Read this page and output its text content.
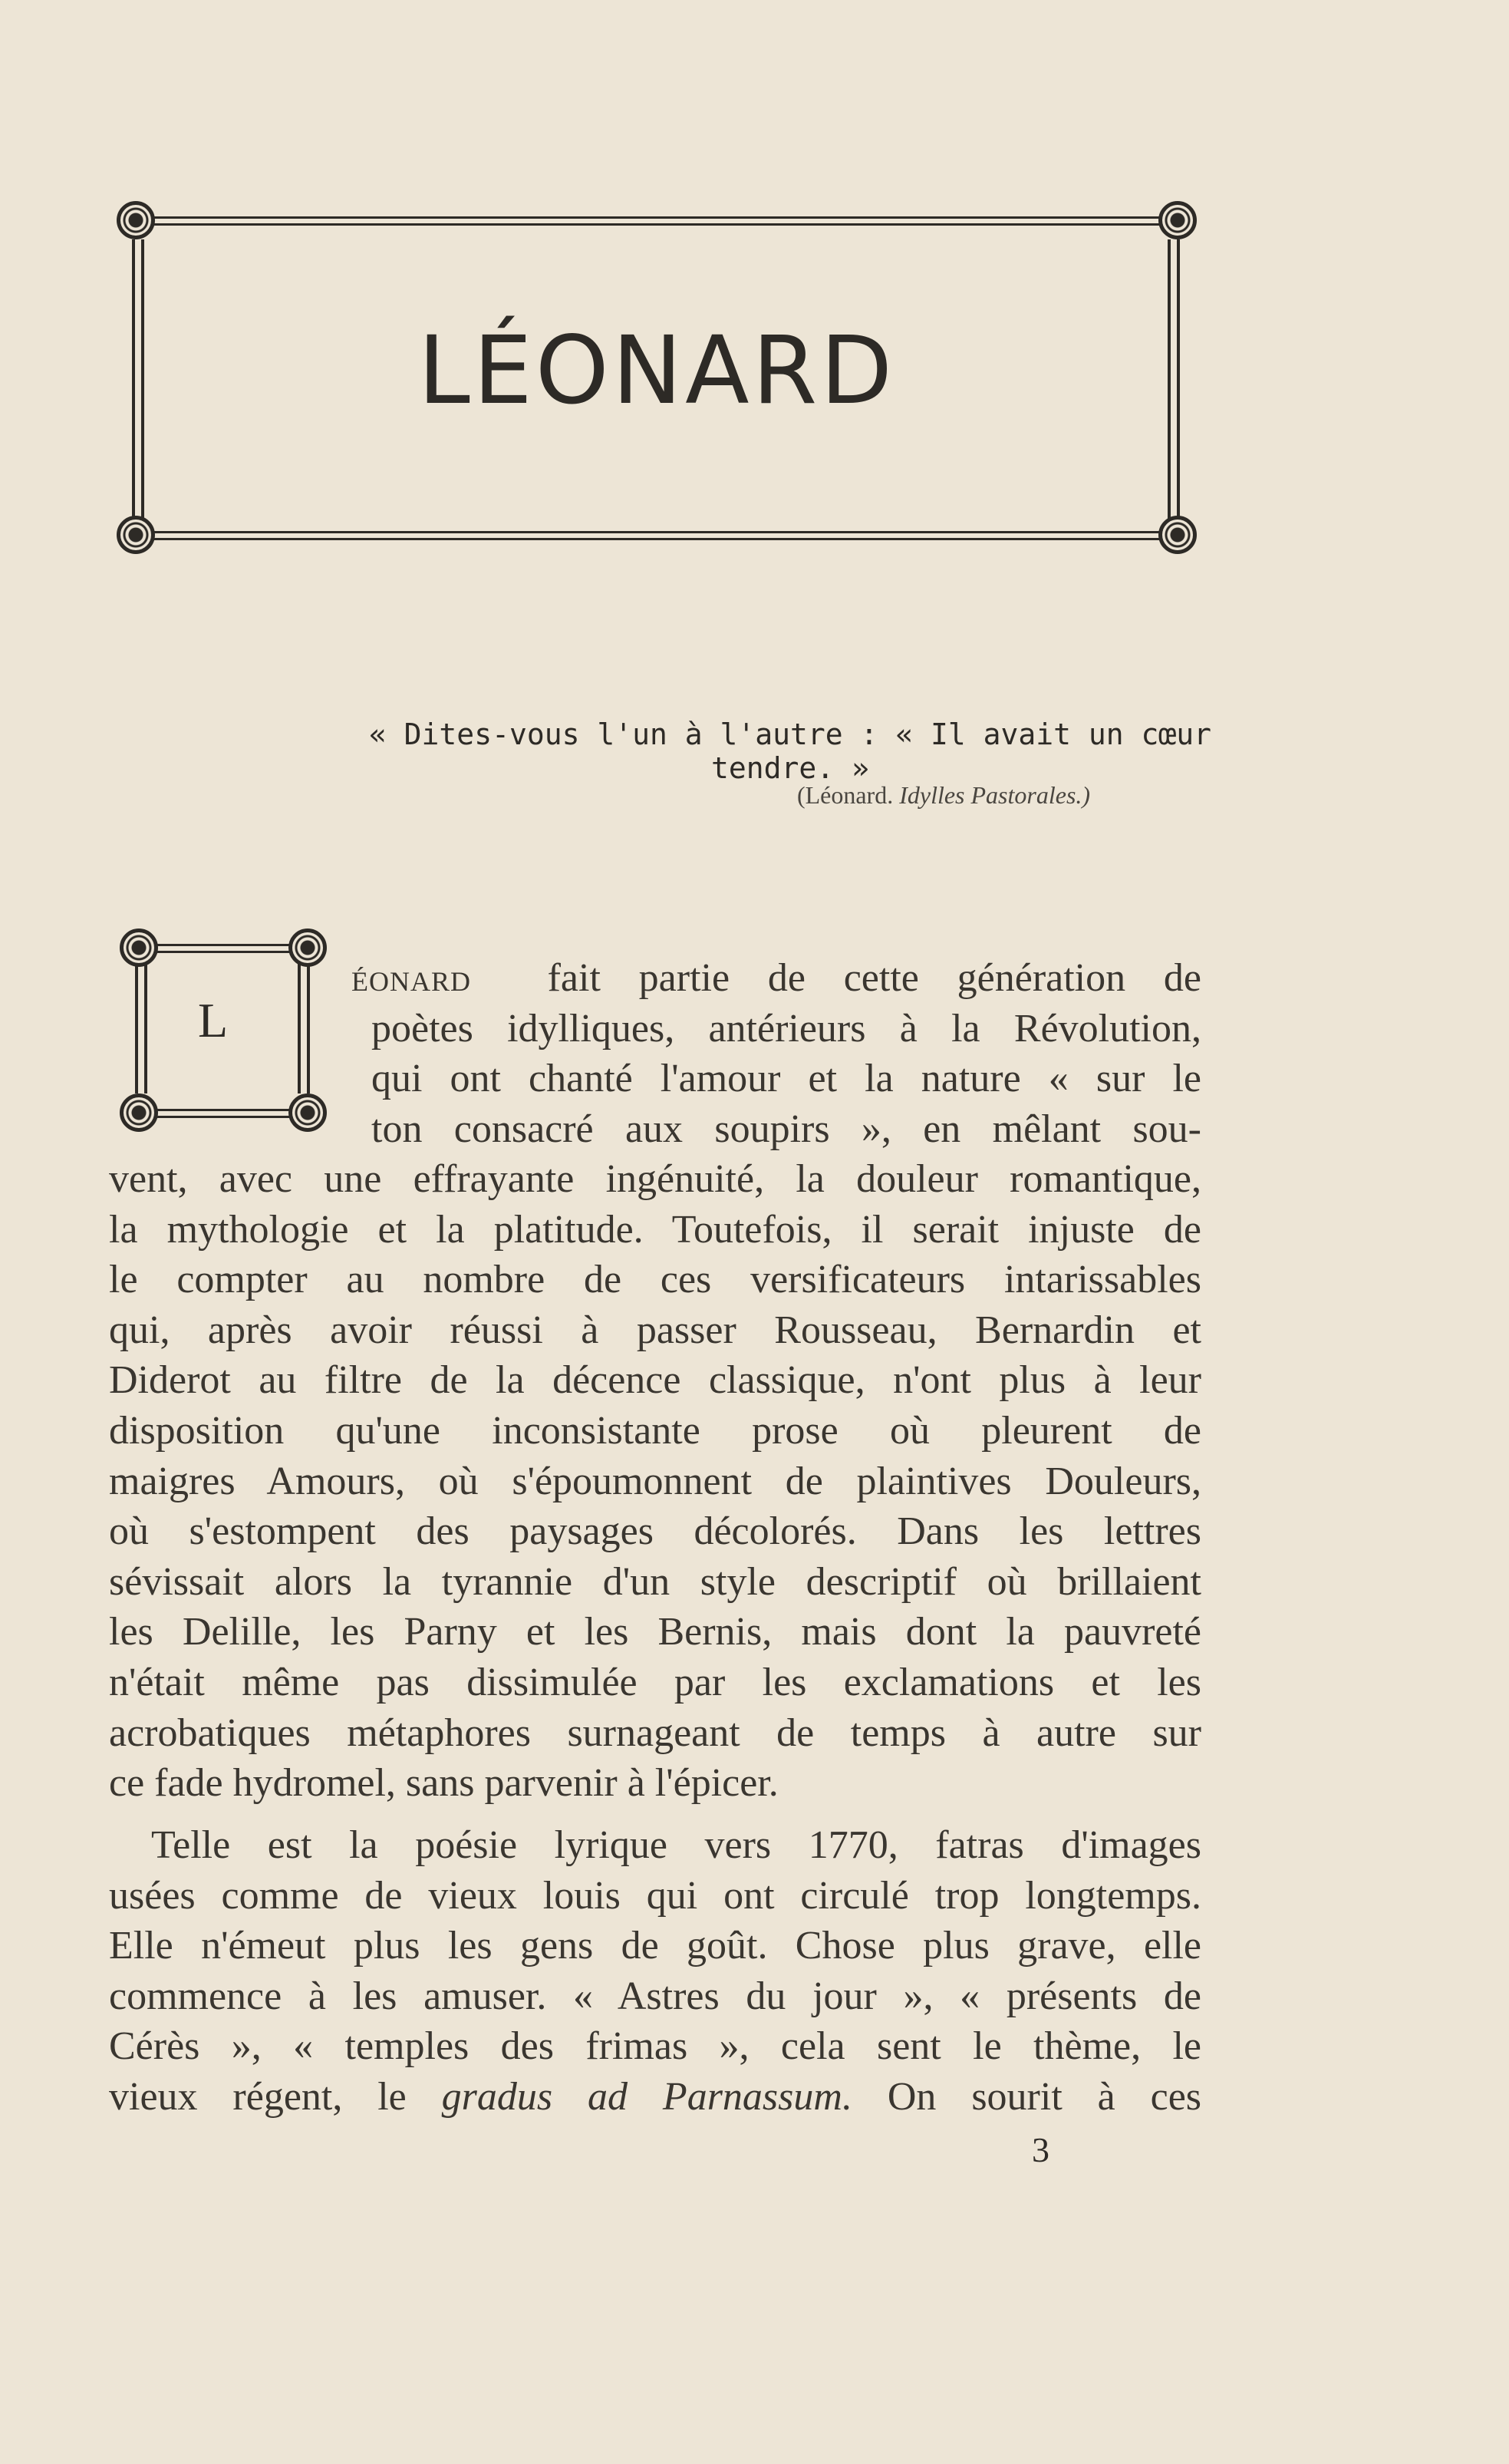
LÉONARD
« Dites-vous l'un à l'autre : « Il avait un cœur tendre. »
(Léonard. Idylles Pastorales.)
L
éonard fait partie de cette génération de
poètes idylliques, antérieurs à la Révolution,
qui ont chanté l'amour et la nature « sur le
ton consacré aux soupirs », en mêlant sou-
vent, avec une effrayante ingénuité, la douleur romantique,
la mythologie et la platitude. Toutefois, il serait injuste de
le compter au nombre de ces versificateurs intarissables
qui, après avoir réussi à passer Rousseau, Bernardin et
Diderot au filtre de la décence classique, n'ont plus à leur
disposition qu'une inconsistante prose où pleurent de
maigres Amours, où s'époumonnent de plaintives Douleurs,
où s'estompent des paysages décolorés. Dans les lettres
sévissait alors la tyrannie d'un style descriptif où brillaient
les Delille, les Parny et les Bernis, mais dont la pauvreté
n'était même pas dissimulée par les exclamations et les
acrobatiques métaphores surnageant de temps à autre sur
ce fade hydromel, sans parvenir à l'épicer.
Telle est la poésie lyrique vers 1770, fatras d'images
usées comme de vieux louis qui ont circulé trop longtemps.
Elle n'émeut plus les gens de goût. Chose plus grave, elle
commence à les amuser. « Astres du jour », « présents de
Cérès », « temples des frimas », cela sent le thème, le
vieux régent, le gradus ad Parnassum. On sourit à ces
3
